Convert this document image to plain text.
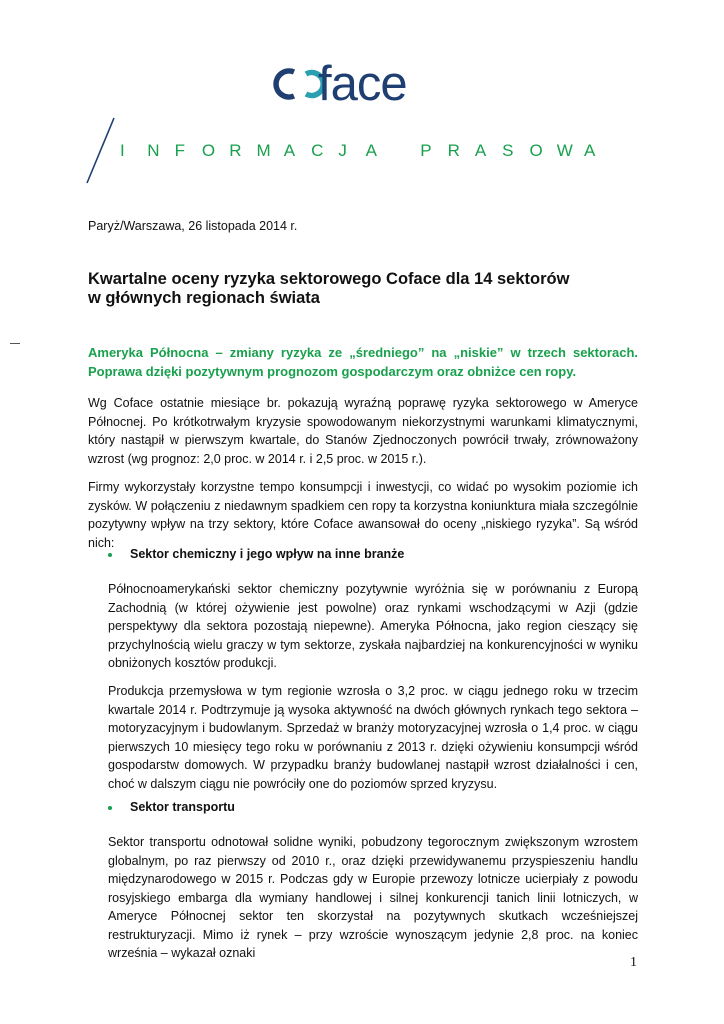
face
I N F O R M A C J A	P R A S O W A
Paryż/Warszawa, 26 listopada 2014 r.
Kwartalne oceny ryzyka sektorowego Coface dla 14 sektorów
w głównych regionach świata
Ameryka Północna – zmiany ryzyka ze „średniego” na „niskie” w trzech sektorach. Poprawa dzięki pozytywnym prognozom gospodarczym oraz obniżce cen ropy.
Wg Coface ostatnie miesiące br. pokazują wyraźną poprawę ryzyka sektorowego w Ameryce Północnej. Po krótkotrwałym kryzysie spowodowanym niekorzystnymi warunkami klimatycznymi, który nastąpił w pierwszym kwartale, do Stanów Zjednoczonych powrócił trwały, zrównoważony wzrost (wg prognoz: 2,0 proc. w 2014 r. i 2,5 proc. w 2015 r.).
Firmy wykorzystały korzystne tempo konsumpcji i inwestycji, co widać po wysokim poziomie ich zysków. W połączeniu z niedawnym spadkiem cen ropy ta korzystna koniunktura miała szczególnie pozytywny wpływ na trzy sektory, które Coface awansował do oceny „niskiego ryzyka”. Są wśród nich:
Sektor chemiczny i jego wpływ na inne branże
Północnoamerykański sektor chemiczny pozytywnie wyróżnia się w porównaniu z Europą Zachodnią (w której ożywienie jest powolne) oraz rynkami wschodzącymi w Azji (gdzie perspektywy dla sektora pozostają niepewne). Ameryka Północna, jako region cieszący się przychylnością wielu graczy w tym sektorze, zyskała najbardziej na konkurencyjności w wyniku obniżonych kosztów produkcji.
Produkcja przemysłowa w tym regionie wzrosła o 3,2 proc. w ciągu jednego roku w trzecim kwartale 2014 r. Podtrzymuje ją wysoka aktywność na dwóch głównych rynkach tego sektora – motoryzacyjnym i budowlanym. Sprzedaż w branży motoryzacyjnej wzrosła o 1,4 proc. w ciągu pierwszych 10 miesięcy tego roku w porównaniu z 2013 r. dzięki ożywieniu konsumpcji wśród gospodarstw domowych. W przypadku branży budowlanej nastąpił wzrost działalności i cen, choć w dalszym ciągu nie powróciły one do poziomów sprzed kryzysu.
Sektor transportu
Sektor transportu odnotował solidne wyniki, pobudzony tegorocznym zwiększonym wzrostem globalnym, po raz pierwszy od 2010 r., oraz dzięki przewidywanemu przyspieszeniu handlu międzynarodowego w 2015 r. Podczas gdy w Europie przewozy lotnicze ucierpiały z powodu rosyjskiego embarga dla wymiany handlowej i silnej konkurencji tanich linii lotniczych, w Ameryce Północnej sektor ten skorzystał na pozytywnych skutkach wcześniejszej restrukturyzacji. Mimo iż rynek – przy wzroście wynoszącym jedynie 2,8 proc. na koniec września – wykazał oznaki
1
